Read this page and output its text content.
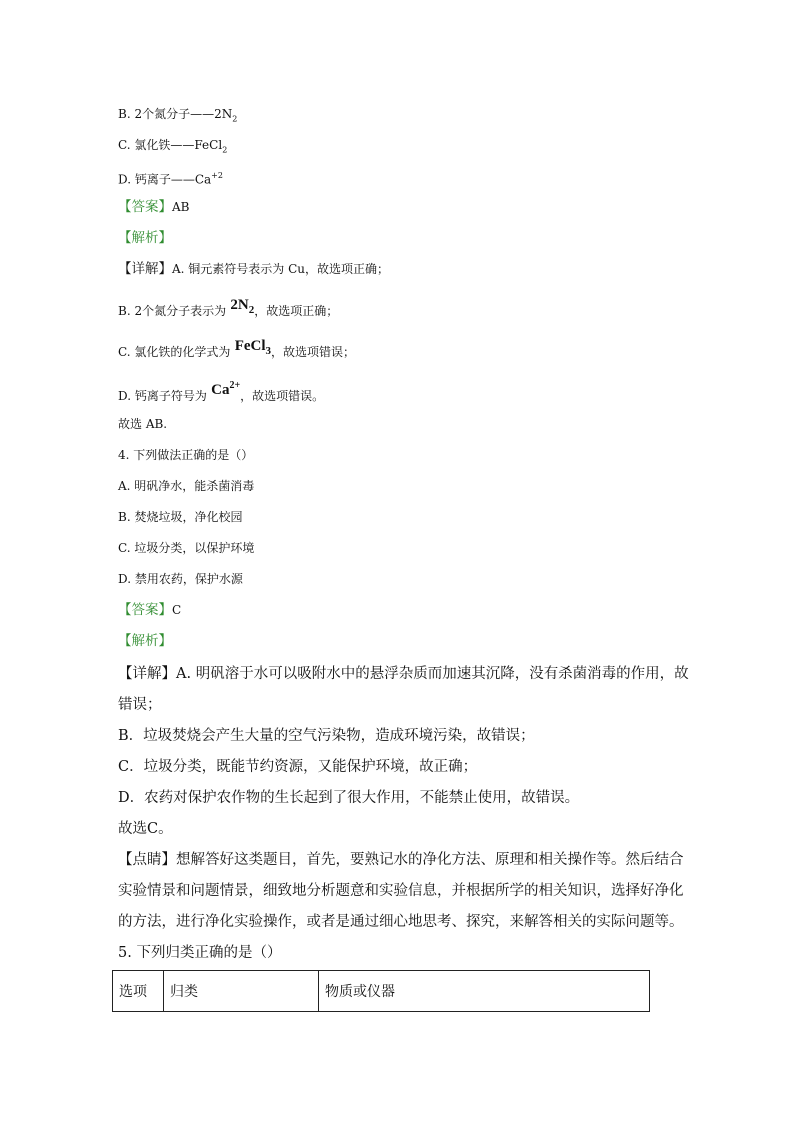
B. 2个氮分子$——2N_2$
C. 氯化铁——FeCl$_2$
D. 钙离子$——Ca^{+2}$
【答案】AB
【解析】
【详解】A. 铜元素符号表示为 Cu，故选项正确；
B. 2个氮分子表示为 $2N_2$，故选项正确；
C. 氯化铁的化学式为 FeCl$_3$，故选项错误；
D. 钙离子符号为 $Ca^{2+}$，故选项错误。
故选 AB.
4. 下列做法正确的是（）
A. 明矾净水，能杀菌消毒
B. 焚烧垃圾，净化校园
C. 垃圾分类，以保护环境
D. 禁用农药，保护水源
【答案】C
【解析】
【详解】A. 明矾溶于水可以吸附水中的悬浮杂质而加速其沉降，没有杀菌消毒的作用，故
错误；
B．垃圾焚烧会产生大量的空气污染物，造成环境污染，故错误；
C．垃圾分类，既能节约资源，又能保护环境，故正确；
D．农药对保护农作物的生长起到了很大作用，不能禁止使用，故错误。
故选C。
【点睛】想解答好这类题目，首先，要熟记水的净化方法、原理和相关操作等。然后结合
实验情景和问题情景，细致地分析题意和实验信息，并根据所学的相关知识，选择好净化
的方法，进行净化实验操作，或者是通过细心地思考、探究，来解答相关的实际问题等。
5. 下列归类正确的是（）
选项	归类	物质或仪器
